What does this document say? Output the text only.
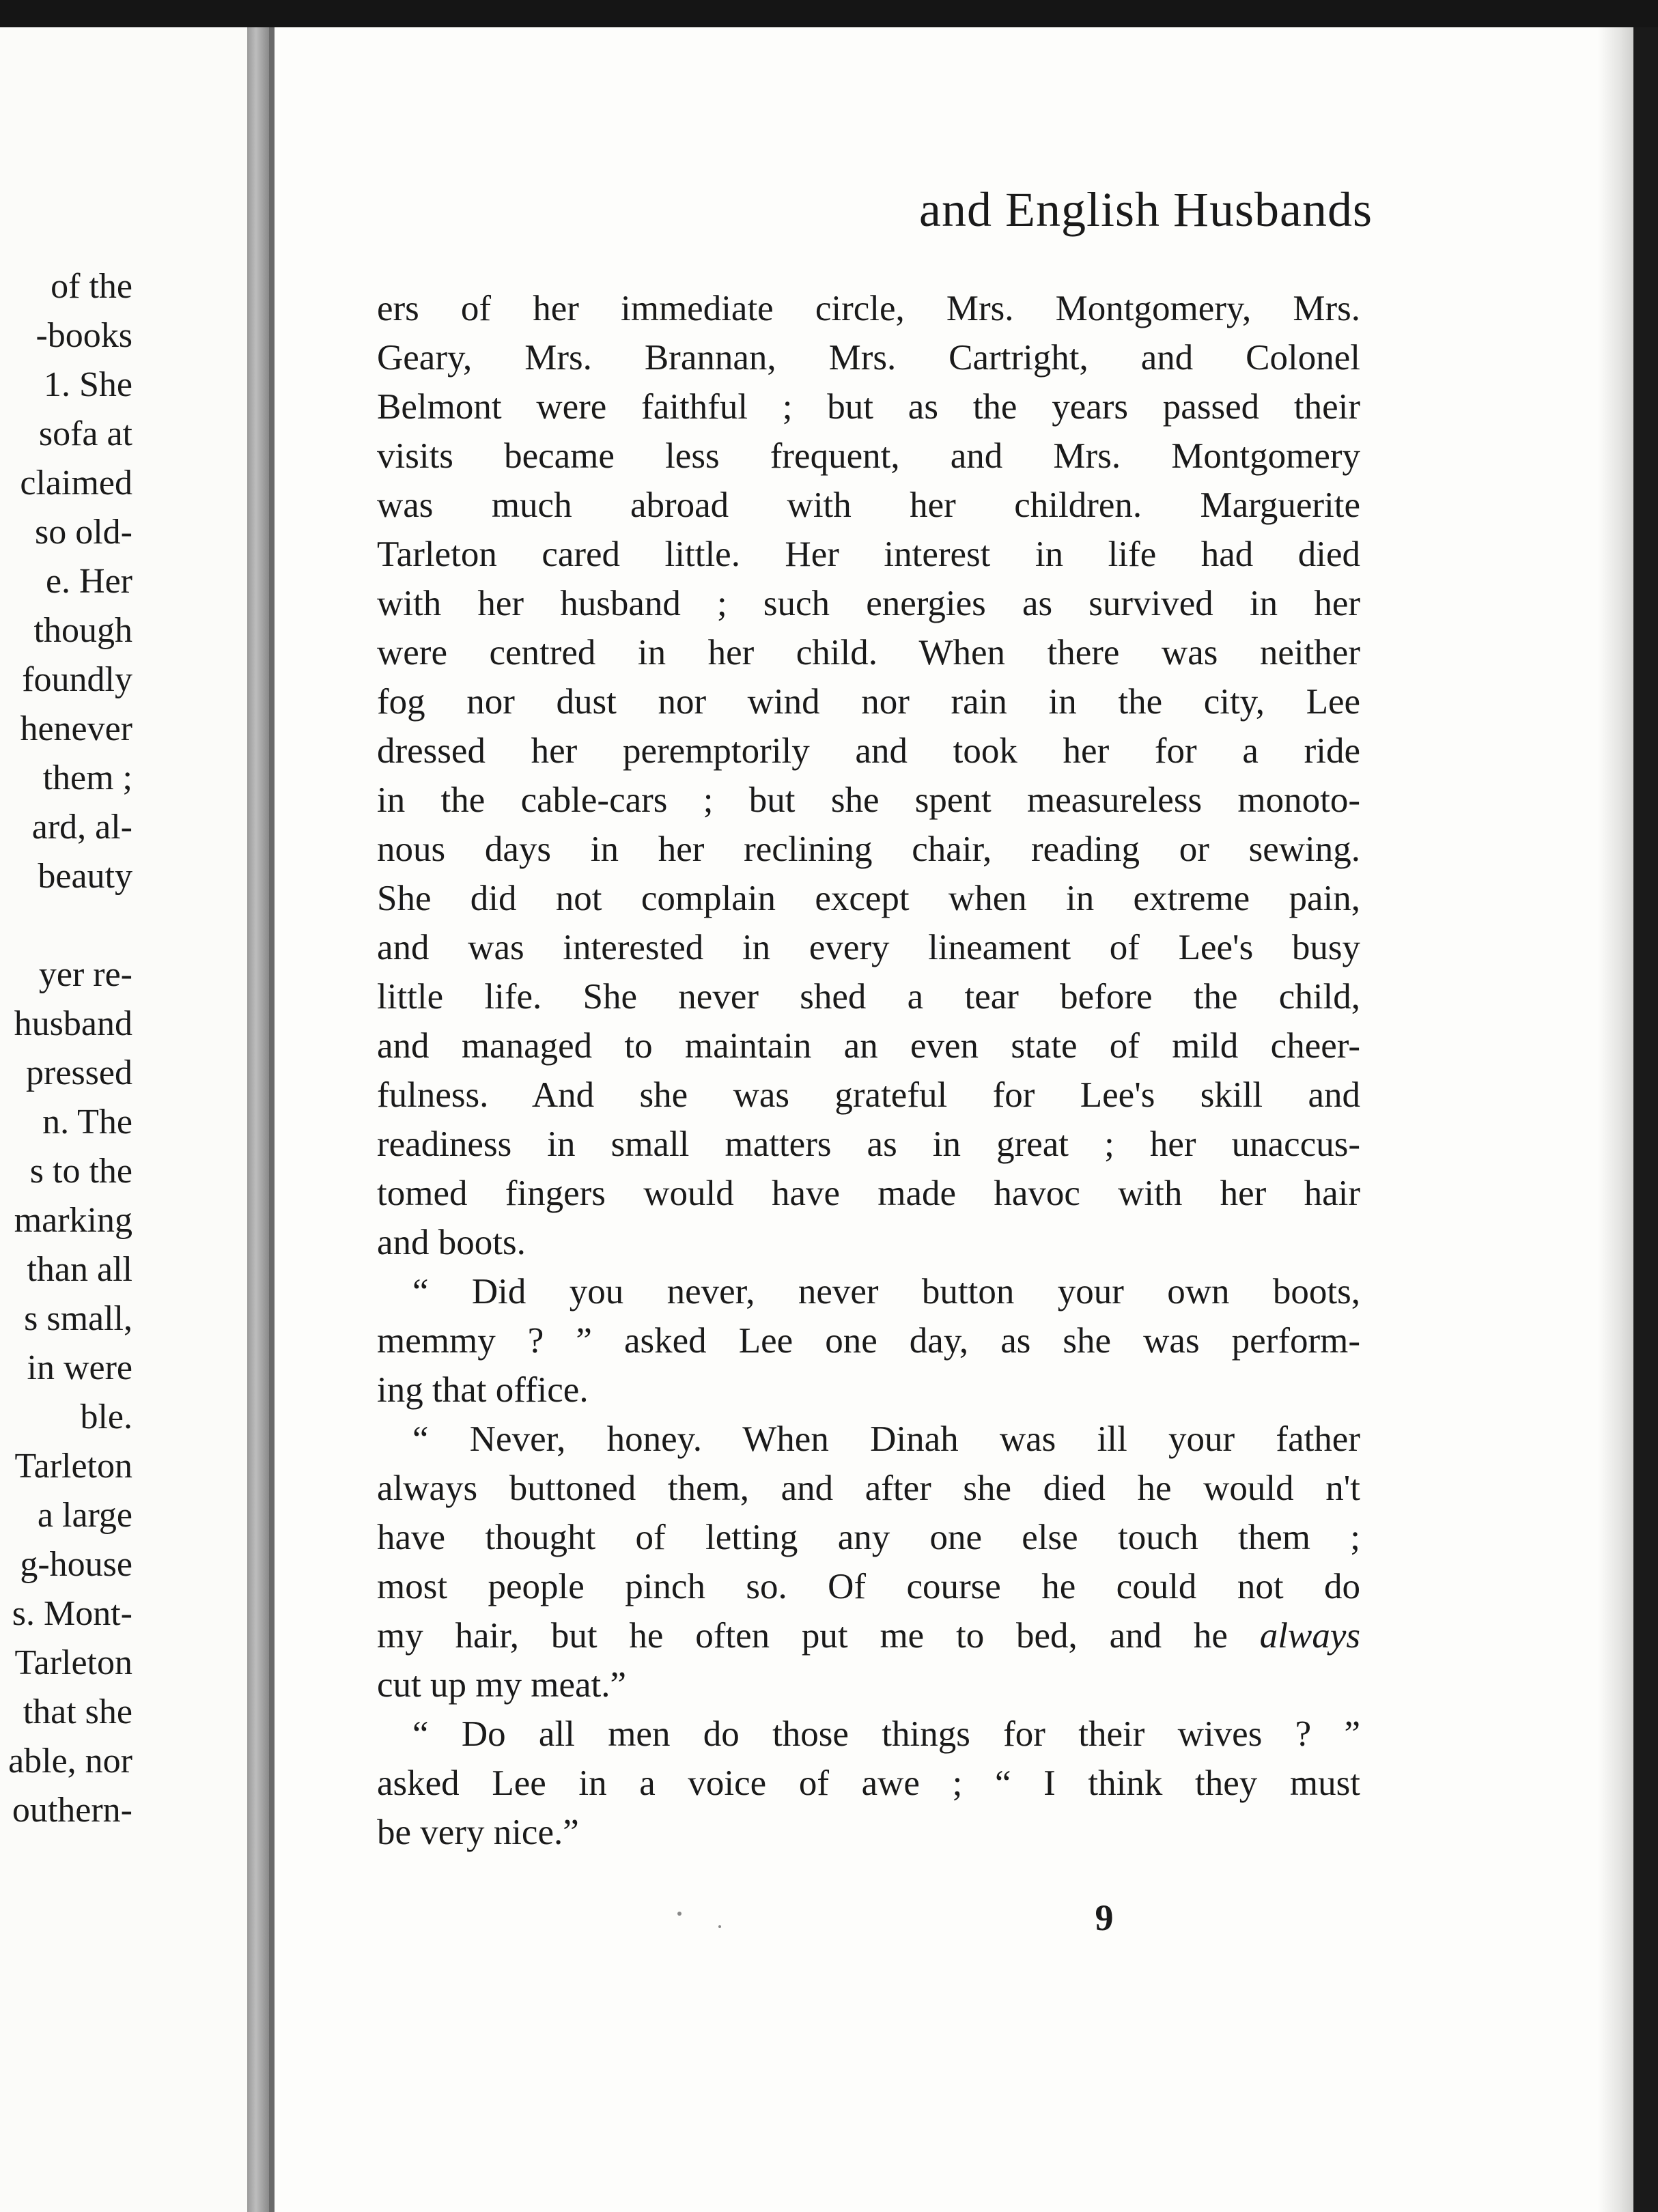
of the
-books
1. She
sofa at
claimed
so old-
e. Her
though
foundly
henever
them ;
ard, al-
beauty
yer re-
husband
pressed
n. The
s to the
marking
than all
s small,
in were
ble.
Tarleton
a large
g-house
s. Mont-
Tarleton
that she
able, nor
outhern-
and English Husbands
ers of her immediate circle, Mrs. Montgomery, Mrs.
Geary, Mrs. Brannan, Mrs. Cartright, and Colonel
Belmont were faithful ; but as the years passed their
visits became less frequent, and Mrs. Montgomery
was much abroad with her children. Marguerite
Tarleton cared little. Her interest in life had died
with her husband ; such energies as survived in her
were centred in her child. When there was neither
fog nor dust nor wind nor rain in the city, Lee
dressed her peremptorily and took her for a ride
in the cable-cars ; but she spent measureless monoto-
nous days in her reclining chair, reading or sewing.
She did not complain except when in extreme pain,
and was interested in every lineament of Lee's busy
little life. She never shed a tear before the child,
and managed to maintain an even state of mild cheer-
fulness. And she was grateful for Lee's skill and
readiness in small matters as in great ; her unaccus-
tomed fingers would have made havoc with her hair
and boots.
“ Did you never, never button your own boots,
memmy ? ” asked Lee one day, as she was perform-
ing that office.
“ Never, honey. When Dinah was ill your father
always buttoned them, and after she died he would n't
have thought of letting any one else touch them ;
most people pinch so. Of course he could not do
my hair, but he often put me to bed, and he always
cut up my meat.”
“ Do all men do those things for their wives ? ”
asked Lee in a voice of awe ; “ I think they must
be very nice.”
9
